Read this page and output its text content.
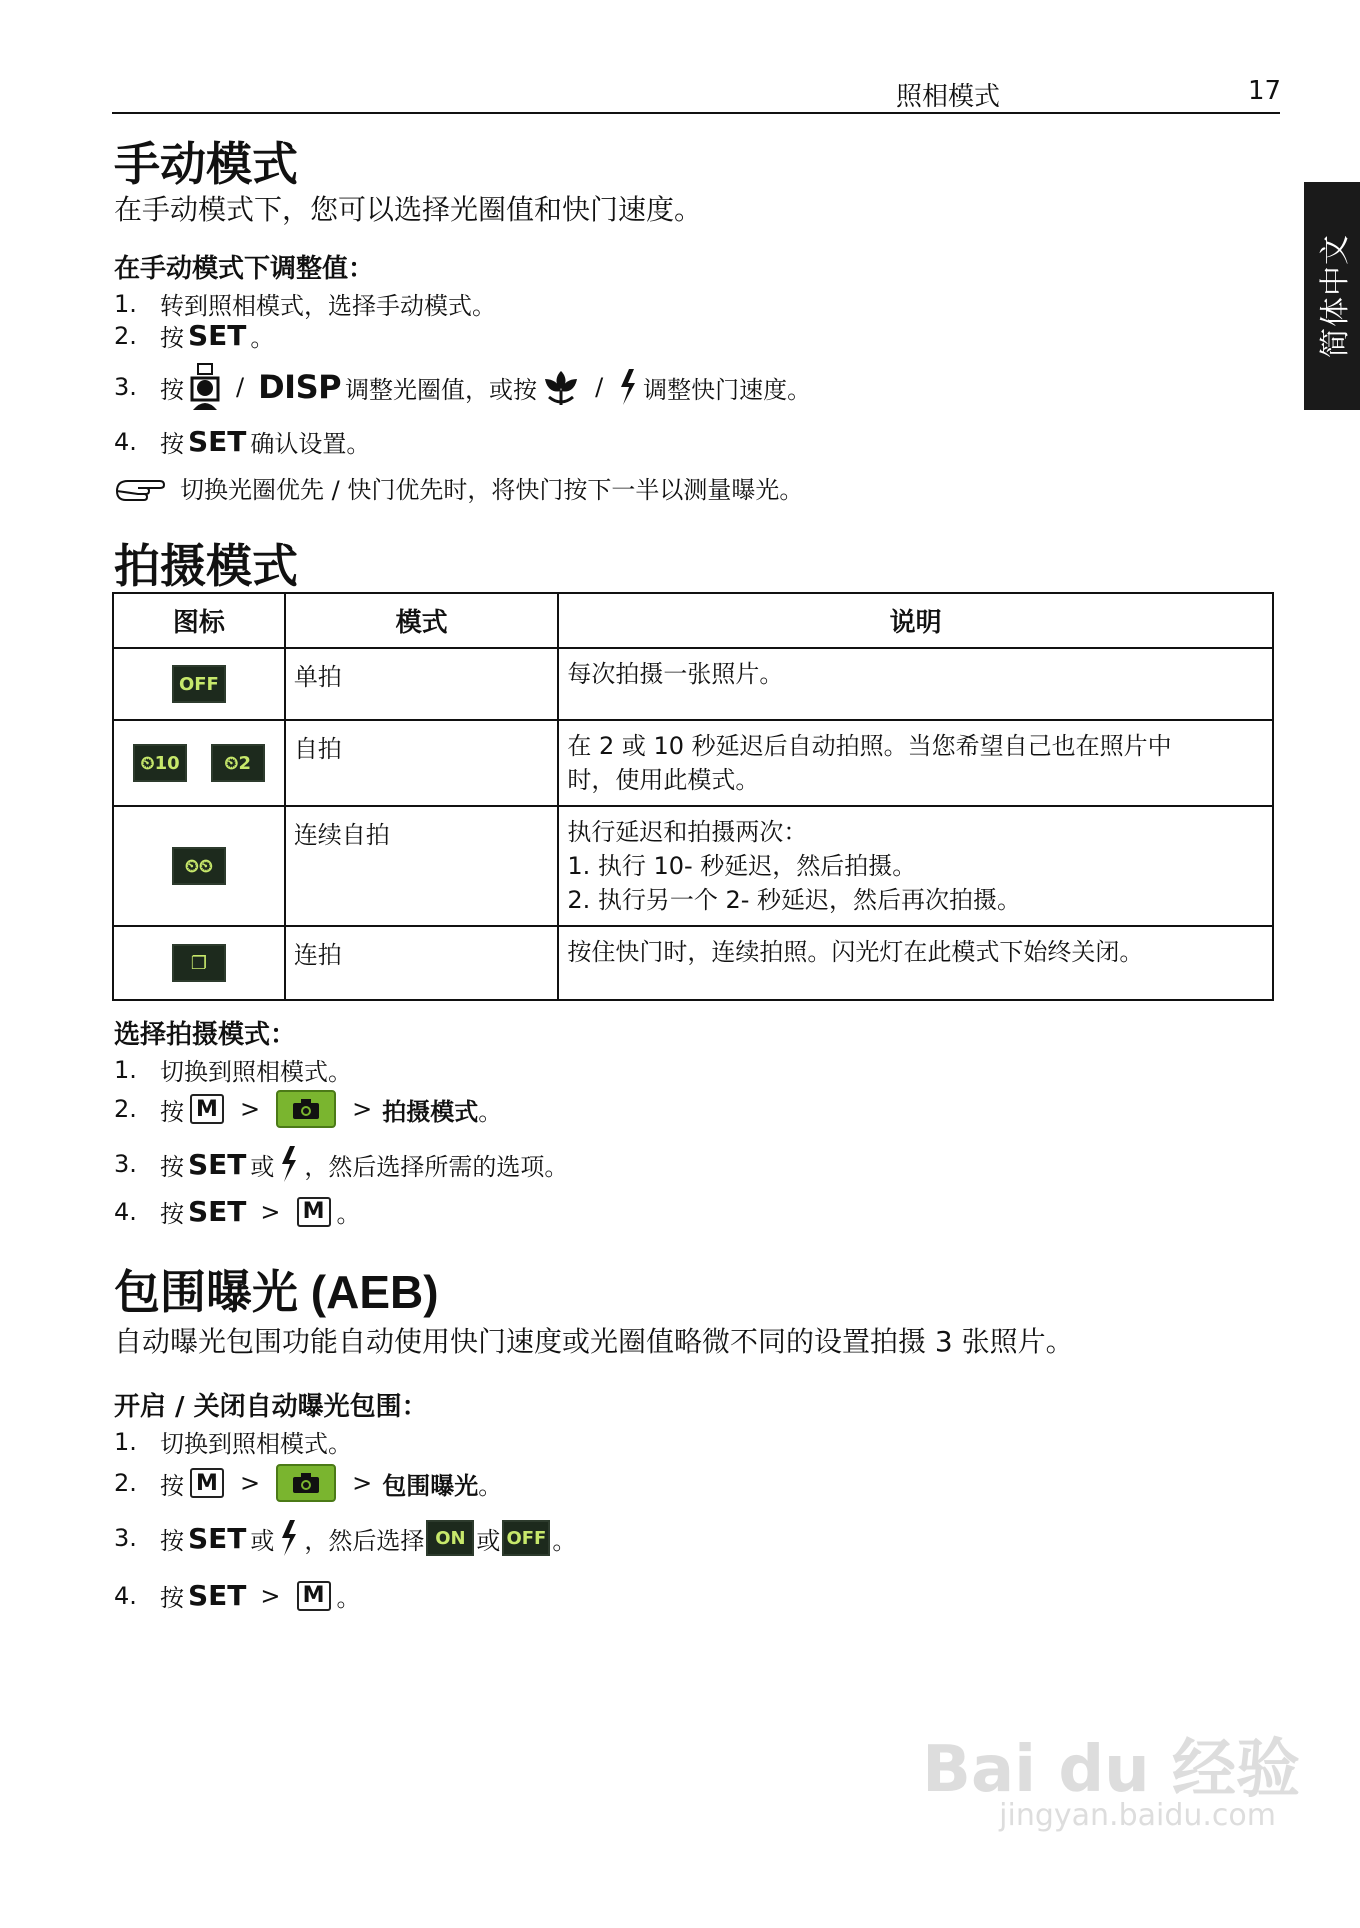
照相模式	17
简体中文
手动模式
在手动模式下，您可以选择光圈值和快门速度。
在手动模式下调整值：
1. 转到照相模式，选择手动模式。
2. 按 SET 。
3. 按 / DISP 调整光圈值，或按 / 调整快门速度。
4. 按 SET 确认设置。
切换光圈优先 / 快门优先时，将快门按下一半以测量曝光。
拍摄模式
图标	模式	说明
OFF	单拍	每次拍摄一张照片。

⏲10 ⏲2	自拍	在 2 或 10 秒延迟后自动拍照。当您希望自己也在照片中
时，使用此模式。

⏲⏲	连续自拍	执行延迟和拍摄两次：
1. 执行 10- 秒延迟，然后拍摄。
2. 执行另一个 2- 秒延迟，然后再次拍摄。

❐	连拍	按住快门时，连续拍照。闪光灯在此模式下始终关闭。
选择拍摄模式：
1. 切换到照相模式。
2. 按 M >	> 拍摄模式 。
3. 按 SET 或 ，然后选择所需的选项。
4. 按 SET > M 。
包围曝光 (AEB)
自动曝光包围功能自动使用快门速度或光圈值略微不同的设置拍摄 3 张照片。
开启 / 关闭自动曝光包围：
1. 切换到照相模式。
2. 按 M >	> 包围曝光 。
3. 按 SET 或 ，然后选择 ON 或 OFF 。
4. 按 SET > M 。
Bai du 经验
jingyan.baidu.com
